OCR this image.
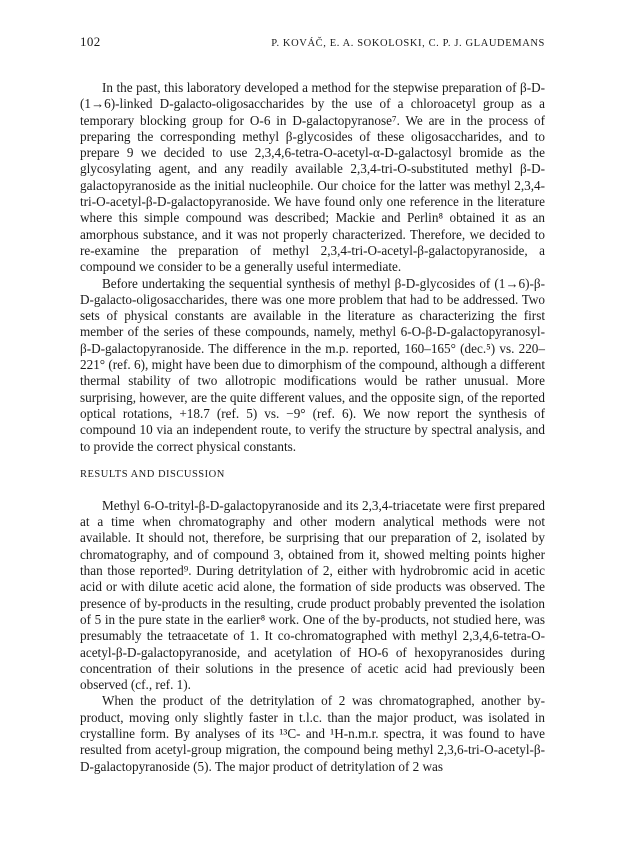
102	P. KOVÁČ, E. A. SOKOLOSKI, C. P. J. GLAUDEMANS

In the past, this laboratory developed a method for the stepwise preparation of β-D-(1→6)-linked D-galacto-oligosaccharides by the use of a chloroacetyl group as a temporary blocking group for O-6 in D-galactopyranose⁷. We are in the process of preparing the corresponding methyl β-glycosides of these oligosaccharides, and to prepare 9 we decided to use 2,3,4,6-tetra-O-acetyl-α-D-galactosyl bromide as the glycosylating agent, and any readily available 2,3,4-tri-O-substituted methyl β-D-galactopyranoside as the initial nucleophile. Our choice for the latter was methyl 2,3,4-tri-O-acetyl-β-D-galactopyranoside. We have found only one reference in the literature where this simple compound was described; Mackie and Perlin⁸ obtained it as an amorphous substance, and it was not properly characterized. Therefore, we decided to re-examine the preparation of methyl 2,3,4-tri-O-acetyl-β-galactopyranoside, a compound we consider to be a generally useful intermediate.

Before undertaking the sequential synthesis of methyl β-D-glycosides of (1→6)-β-D-galacto-oligosaccharides, there was one more problem that had to be addressed. Two sets of physical constants are available in the literature as characterizing the first member of the series of these compounds, namely, methyl 6-O-β-D-galactopyranosyl-β-D-galactopyranoside. The difference in the m.p. reported, 160–165° (dec.⁵) vs. 220–221° (ref. 6), might have been due to dimorphism of the compound, although a different thermal stability of two allotropic modifications would be rather unusual. More surprising, however, are the quite different values, and the opposite sign, of the reported optical rotations, +18.7 (ref. 5) vs. −9° (ref. 6). We now report the synthesis of compound 10 via an independent route, to verify the structure by spectral analysis, and to provide the correct physical constants.

RESULTS AND DISCUSSION

Methyl 6-O-trityl-β-D-galactopyranoside and its 2,3,4-triacetate were first prepared at a time when chromatography and other modern analytical methods were not available. It should not, therefore, be surprising that our preparation of 2, isolated by chromatography, and of compound 3, obtained from it, showed melting points higher than those reported⁹. During detritylation of 2, either with hydrobromic acid in acetic acid or with dilute acetic acid alone, the formation of side products was observed. The presence of by-products in the resulting, crude product probably prevented the isolation of 5 in the pure state in the earlier⁸ work. One of the by-products, not studied here, was presumably the tetraacetate of 1. It co-chromatographed with methyl 2,3,4,6-tetra-O-acetyl-β-D-galactopyranoside, and acetylation of HO-6 of hexopyranosides during concentration of their solutions in the presence of acetic acid had previously been observed (cf., ref. 1).

When the product of the detritylation of 2 was chromatographed, another by-product, moving only slightly faster in t.l.c. than the major product, was isolated in crystalline form. By analyses of its ¹³C- and ¹H-n.m.r. spectra, it was found to have resulted from acetyl-group migration, the compound being methyl 2,3,6-tri-O-acetyl-β-D-galactopyranoside (5). The major product of detritylation of 2 was
